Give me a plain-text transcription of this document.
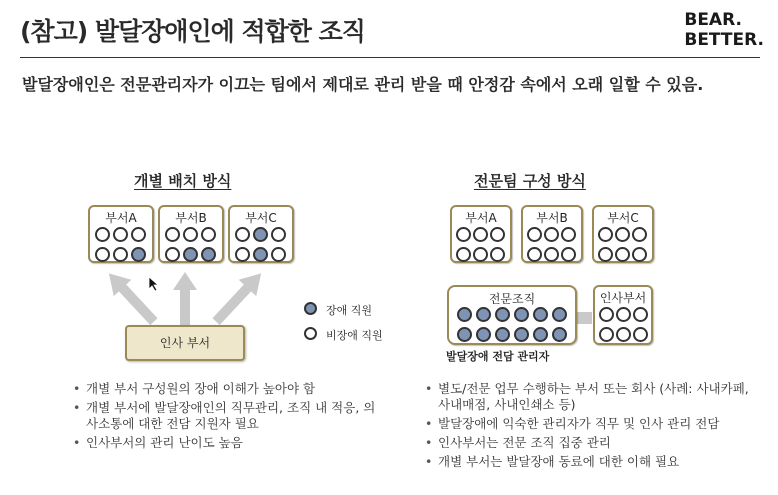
(참고) 발달장애인에 적합한 조직	BEAR.
BETTER.
발달장애인은 전문관리자가 이끄는 팀에서 제대로 관리 받을 때 안정감 속에서 오래 일할 수 있음.
개별 배치 방식
부서A	부서B	부서C
인사 부서
장애 직원
비장애 직원
전문팀 구성 방식
부서A	부서B	부서C
전문조직
발달장애 전담 관리자
인사부서
• 개별 부서 구성원의 장애 이해가 높아야 함
• 개별 부서에 발달장애인의 직무관리, 조직 내 적응, 의사소통에 대한 전담 지원자 필요
• 인사부서의 관리 난이도 높음
• 별도/전문 업무 수행하는 부서 또는 회사 (사례: 사내카페, 사내매점, 사내인쇄소 등)
• 발달장애에 익숙한 관리자가 직무 및 인사 관리 전담
• 인사부서는 전문 조직 집중 관리
• 개별 부서는 발달장애 동료에 대한 이해 필요
